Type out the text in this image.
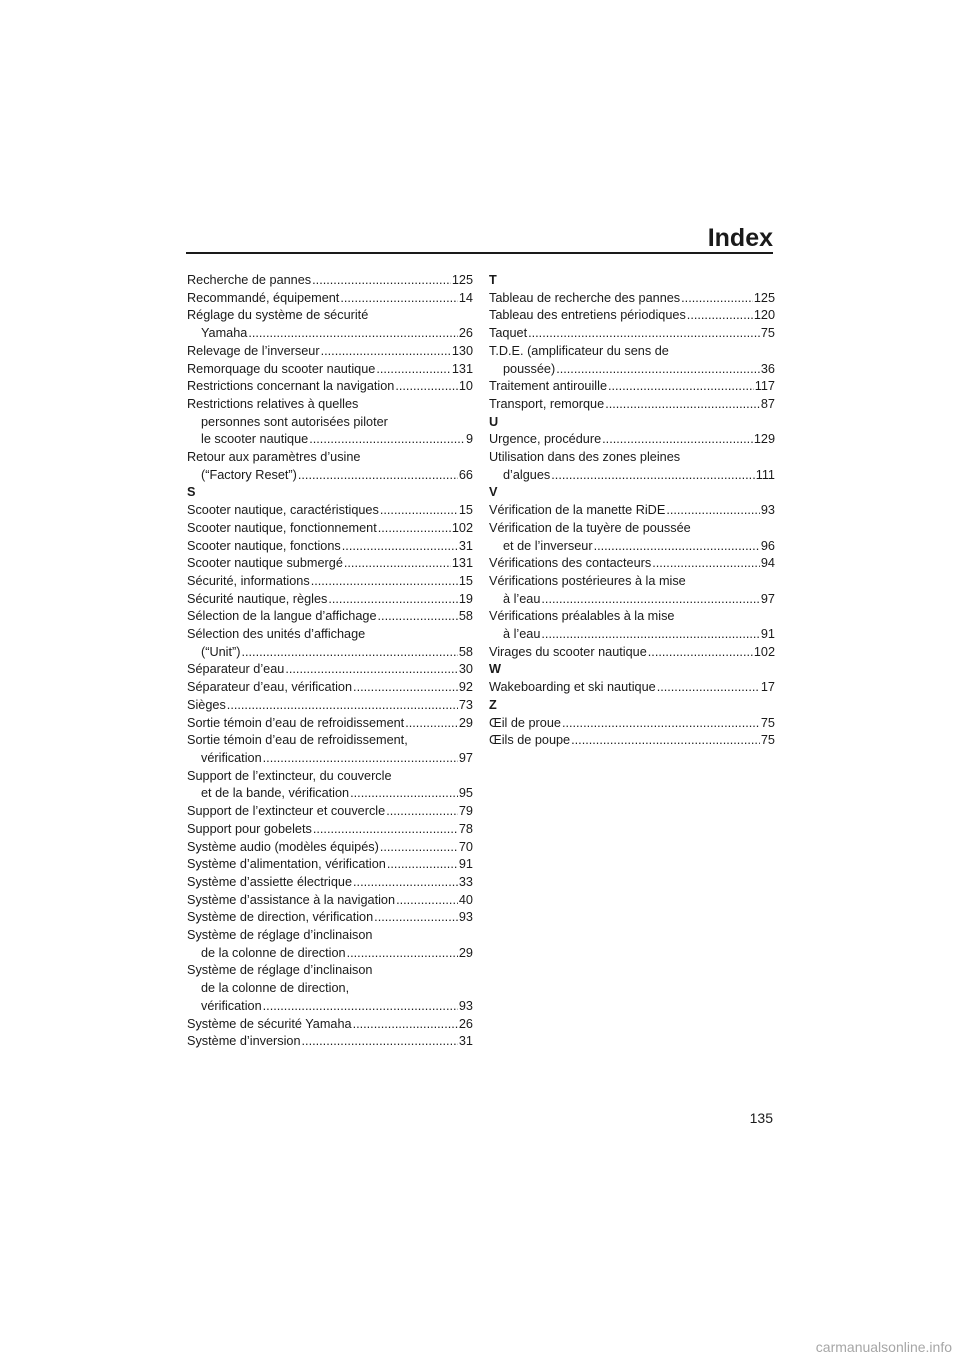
Index
Recherche de pannes .....	125
Recommandé, équipement .....	14
Réglage du système de sécurité
Yamaha .....	26
Relevage de l’inverseur .....	130
Remorquage du scooter nautique .....	131
Restrictions concernant la navigation .....	10
Restrictions relatives à quelles
personnes sont autorisées piloter
le scooter nautique .....	9
Retour aux paramètres d’usine
(“Factory Reset”) .....	66
S
Scooter nautique, caractéristiques .....	15
Scooter nautique, fonctionnement .....	102
Scooter nautique, fonctions .....	31
Scooter nautique submergé .....	131
Sécurité, informations .....	15
Sécurité nautique, règles .....	19
Sélection de la langue d’affichage .....	58
Sélection des unités d’affichage
(“Unit”) .....	58
Séparateur d’eau .....	30
Séparateur d’eau, vérification .....	92
Sièges .....	73
Sortie témoin d’eau de refroidissement .....	29
Sortie témoin d’eau de refroidissement,
vérification .....	97
Support de l’extincteur, du couvercle
et de la bande, vérification .....	95
Support de l’extincteur et couvercle .....	79
Support pour gobelets .....	78
Système audio (modèles équipés) .....	70
Système d’alimentation, vérification .....	91
Système d’assiette électrique .....	33
Système d’assistance à la navigation .....	40
Système de direction, vérification .....	93
Système de réglage d’inclinaison
de la colonne de direction .....	29
Système de réglage d’inclinaison
de la colonne de direction,
vérification .....	93
Système de sécurité Yamaha .....	26
Système d’inversion .....	31
T
Tableau de recherche des pannes .....	125
Tableau des entretiens périodiques .....	120
Taquet .....	75
T.D.E. (amplificateur du sens de
poussée) .....	36
Traitement antirouille .....	117
Transport, remorque .....	87
U
Urgence, procédure .....	129
Utilisation dans des zones pleines
d’algues .....	111
V
Vérification de la manette RiDE .....	93
Vérification de la tuyère de poussée
et de l’inverseur .....	96
Vérifications des contacteurs .....	94
Vérifications postérieures à la mise
à l’eau .....	97
Vérifications préalables à la mise
à l’eau .....	91
Virages du scooter nautique .....	102
W
Wakeboarding et ski nautique .....	17
Z
Œil de proue .....	75
Œils de poupe .....	75
135
carmanualsonline.info
